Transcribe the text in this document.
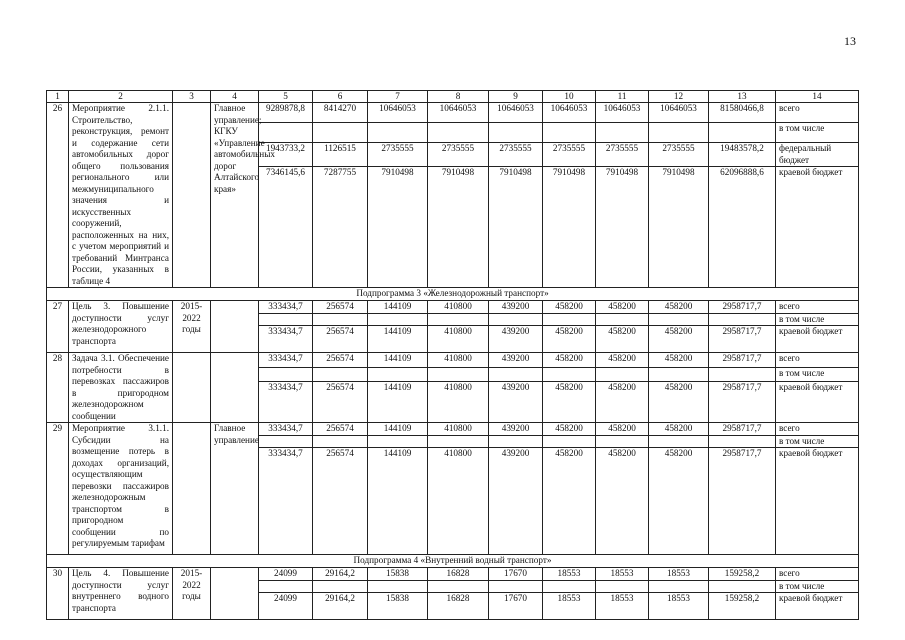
13
1	2	3	4	5	6	7	8	9	10	11	12	13	14
26	Мероприятие 2.1.1. Строительство, реконструкция, ремонт и содержание сети автомобильных дорог общего пользования регионального или межмуниципального значения и искусственных сооружений, расположенных на них, с учетом мероприятий и требований Минтранса России, указанных в таблице 4		Главное управление; КГКУ «Управление автомобильных дорог Алтайского края»	9289878,8	8414270	10646053	10646053	10646053	10646053	10646053	10646053	81580466,8	всего
													в том числе
				1943733,2	1126515	2735555	2735555	2735555	2735555	2735555	2735555	19483578,2	федеральный бюджет
				7346145,6	7287755	7910498	7910498	7910498	7910498	7910498	7910498	62096888,6	краевой бюджет
Подпрограмма 3 «Железнодорожный транспорт»													
27	Цель 3. Повышение доступности услуг железнодорожного транспорта	2015-2022 годы		333434,7	256574	144109	410800	439200	458200	458200	458200	2958717,7	всего
													в том числе
				333434,7	256574	144109	410800	439200	458200	458200	458200	2958717,7	краевой бюджет
28	Задача 3.1. Обеспечение потребности в перевозках пассажиров в пригородном железнодорожном сообщении			333434,7	256574	144109	410800	439200	458200	458200	458200	2958717,7	всего
													в том числе
				333434,7	256574	144109	410800	439200	458200	458200	458200	2958717,7	краевой бюджет
29	Мероприятие 3.1.1. Субсидии на возмещение потерь в доходах организаций, осуществляющим перевозки пассажиров железнодорожным транспортом в пригородном сообщении по регулируемым тарифам		Главное управление	333434,7	256574	144109	410800	439200	458200	458200	458200	2958717,7	всего
													в том числе
				333434,7	256574	144109	410800	439200	458200	458200	458200	2958717,7	краевой бюджет
Подпрограмма 4 «Внутренний водный транспорт»													
30	Цель 4. Повышение доступности услуг внутреннего водного транспорта	2015-2022 годы		24099	29164,2	15838	16828	17670	18553	18553	18553	159258,2	всего
													в том числе
				24099	29164,2	15838	16828	17670	18553	18553	18553	159258,2	краевой бюджет
